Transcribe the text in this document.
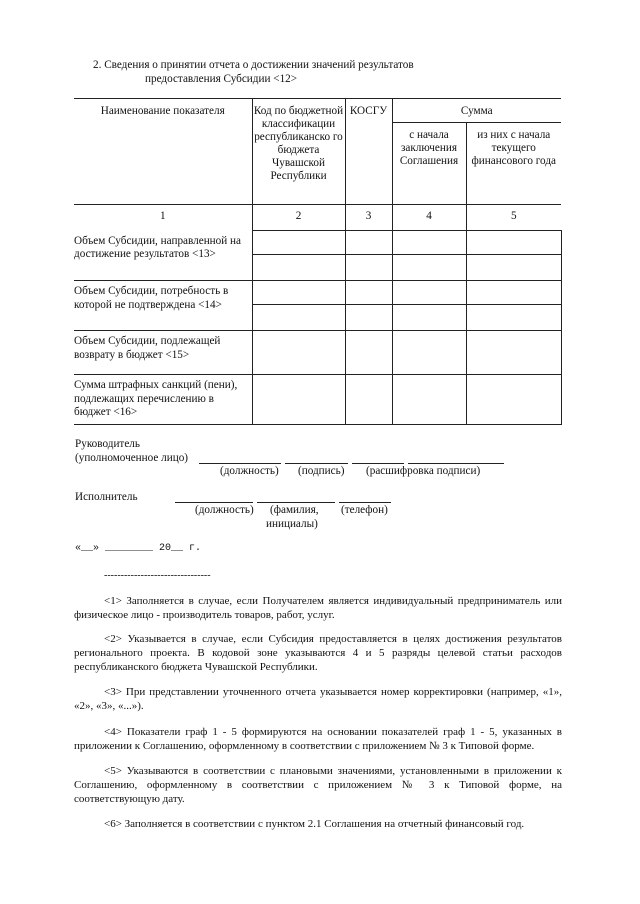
2. Сведения о принятии отчета о достижении значений результатов
предоставления Субсидии <12>
Наименование показателя	Код по бюджетной классификации республиканско го бюджета Чувашской Республики	КОСГУ	Сумма	
			с начала заключения Соглашения	из них с начала текущего финансового года
1	2	3	4	5
Объем Субсидии, направленной на достижение результатов <13>				

Объем Субсидии, потребность в которой не подтверждена <14>				

Объем Субсидии, подлежащей возврату в бюджет <15>				
Сумма штрафных санкций (пени), подлежащих перечислению в бюджет <16>				
Руководитель
(уполномоченное лицо)
(должность) (подпись) (расшифровка подписи)
Исполнитель
(должность) (фамилия,
инициалы)
(телефон)
«__» ________ 20__ г.
--------------------------------

<1> Заполняется в случае, если Получателем является индивидуальный предприниматель или физическое лицо - производитель товаров, работ, услуг.

<2> Указывается в случае, если Субсидия предоставляется в целях достижения результатов регионального проекта. В кодовой зоне указываются 4 и 5 разряды целевой статьи расходов республиканского бюджета Чувашской Республики.

<3> При представлении уточненного отчета указывается номер корректировки (например, «1», «2», «3», «...»).

<4> Показатели граф 1 - 5 формируются на основании показателей граф 1 - 5, указанных в приложении к Соглашению, оформленному в соответствии с приложением № 3 к Типовой форме.

<5> Указываются в соответствии с плановыми значениями, установленными в приложении к Соглашению, оформленному в соответствии с приложением № 3 к Типовой форме, на соответствующую дату.

<6> Заполняется в соответствии с пунктом 2.1 Соглашения на отчетный финансовый год.
